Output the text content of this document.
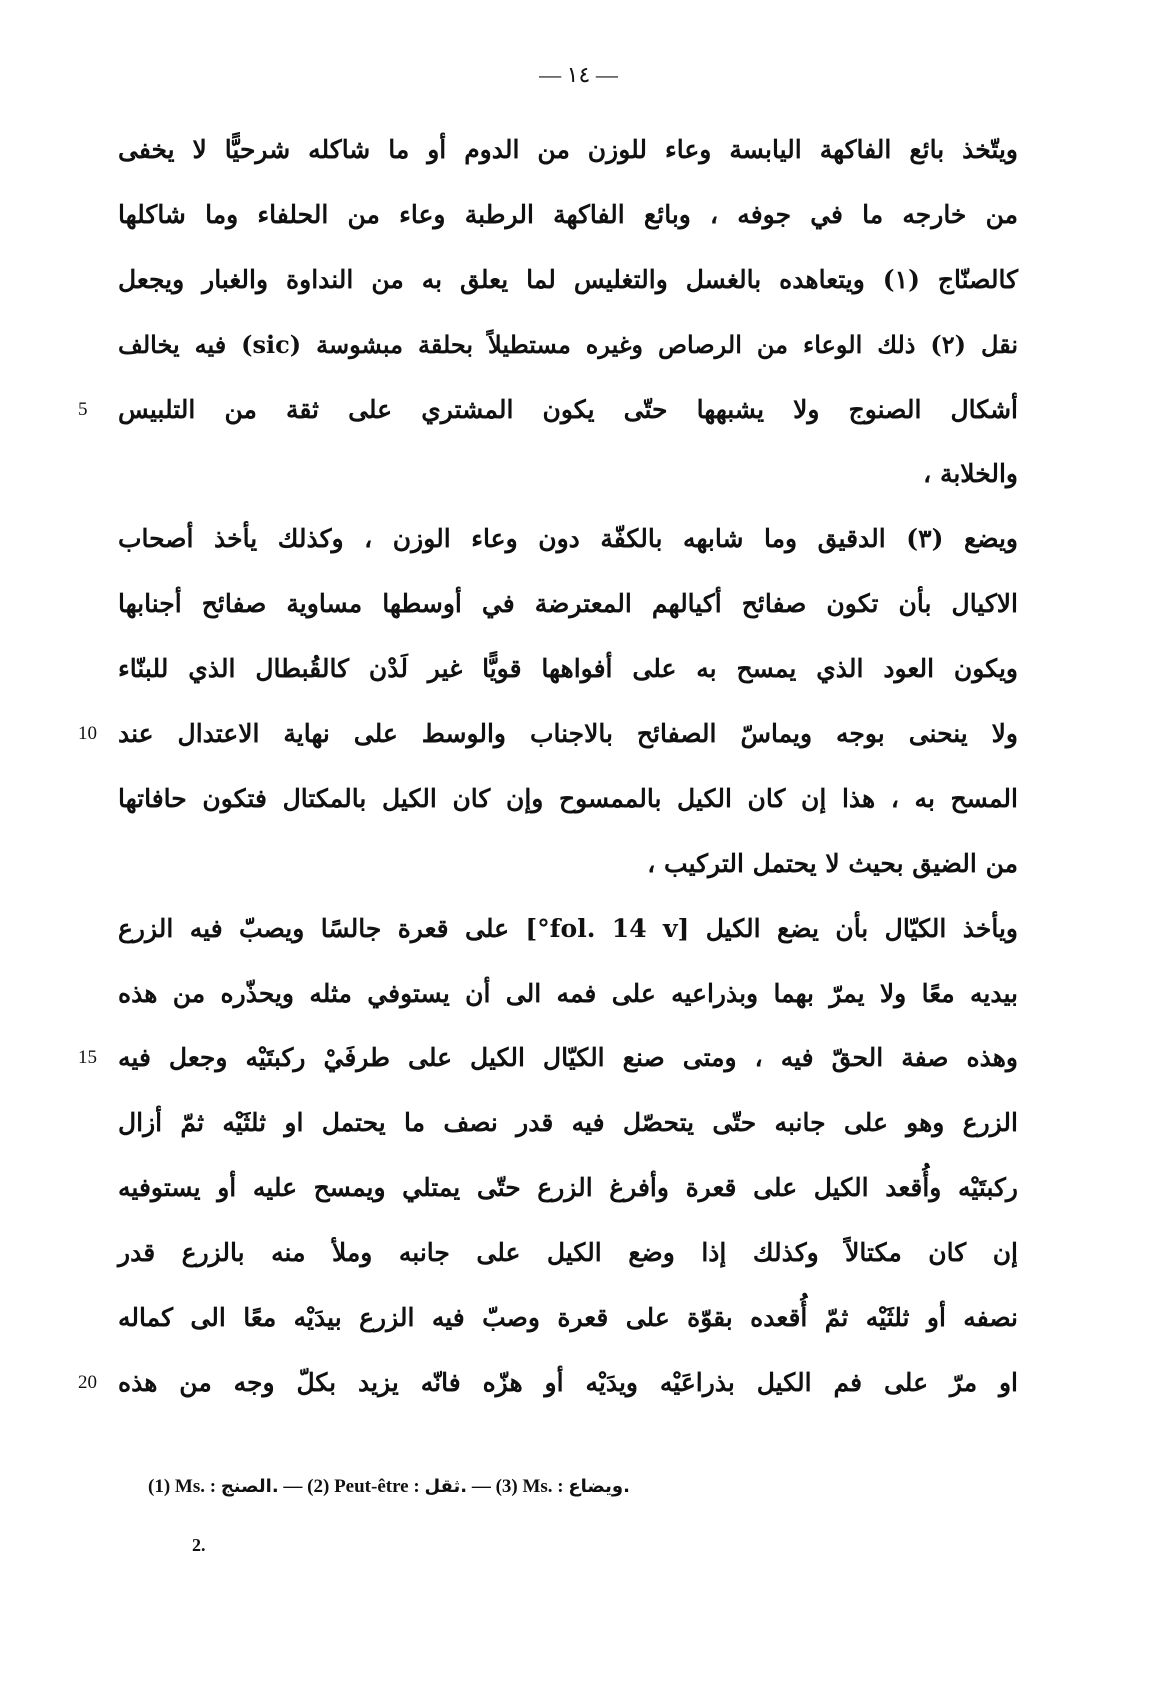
— ١٤ —
ويتّخذ بائع الفاكهة اليابسة وعاء للوزن من الدوم أو ما شاكله شرحيًّا لا يخفى
من خارجه ما في جوفه ، وبائع الفاكهة الرطبة وعاء من الحلفاء وما شاكلها
كالصنّاج (١) ويتعاهده بالغسل والتغليس لما يعلق به من النداوة والغبار ويجعل
نقل (٢) ذلك الوعاء من الرصاص وغيره مستطيلاً بحلقة مبشوسة (sic) فيه يخالف
أشكال الصنوج ولا يشبهها حتّى يكون المشتري على ثقة من التلبيس
5
والخلابة ،
ويضع (٣) الدقيق وما شابهه بالكفّة دون وعاء الوزن ، وكذلك يأخذ أصحاب
الاكيال بأن تكون صفائح أكيالهم المعترضة في أوسطها مساوية صفائح أجنابها
ويكون العود الذي يمسح به على أفواهها قويًّا غير لَدْن كالقُبطال الذي للبنّاء
ولا ينحنى بوجه ويماسّ الصفائح بالاجناب والوسط على نهاية الاعتدال عند
10
المسح به ، هذا إن كان الكيل بالممسوح وإن كان الكيل بالمكتال فتكون حافاتها
من الضيق بحيث لا يحتمل التركيب ،
ويأخذ الكيّال بأن يضع الكيل [fol. 14 v°] على قعرة جالسًا ويصبّ فيه الزرع
بيديه معًا ولا يمرّ بهما وبذراعيه على فمه الى أن يستوفي مثله ويحذّره من هذه
وهذه صفة الحقّ فيه ، ومتى صنع الكيّال الكيل على طرفَيْ ركبتَيْه وجعل فيه
15
الزرع وهو على جانبه حتّى يتحصّل فيه قدر نصف ما يحتمل او ثلثَيْه ثمّ أزال
ركبتَيْه وأُقعد الكيل على قعرة وأفرغ الزرع حتّى يمتلي ويمسح عليه أو يستوفيه
إن كان مكتالاً وكذلك إذا وضع الكيل على جانبه وملأ منه بالزرع قدر
نصفه أو ثلثَيْه ثمّ أُقعده بقوّة على قعرة وصبّ فيه الزرع بيدَيْه معًا الى كماله
او مرّ على فم الكيل بذراعَيْه ويدَيْه أو هزّه فانّه يزيد بكلّ وجه من هذه
20
(1) Ms. : الصنج. — (2) Peut-être : ثقل. — (3) Ms. : ويضاع.
2.
